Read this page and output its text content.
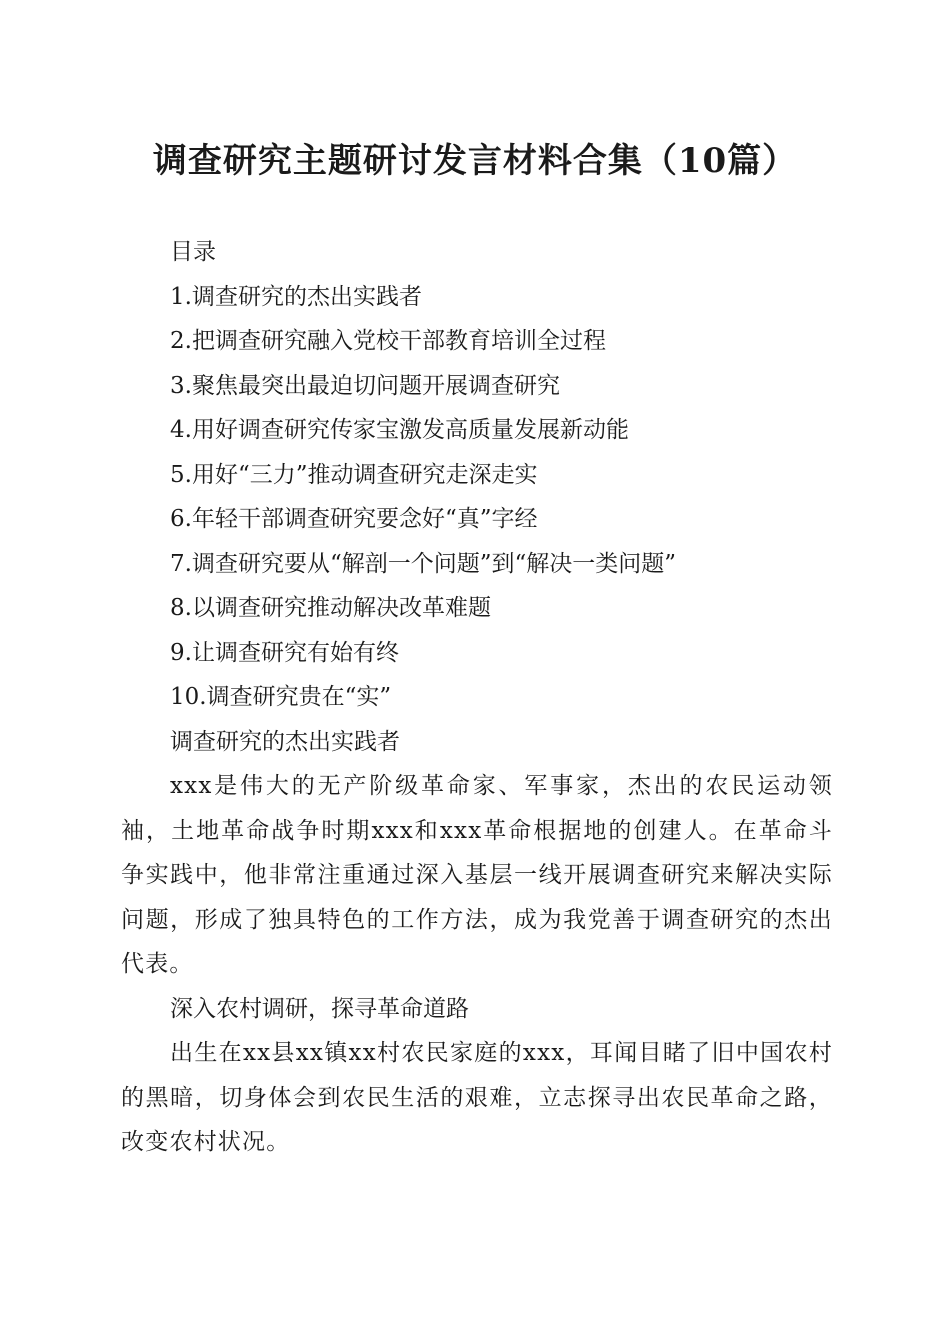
调查研究主题研讨发言材料合集（10篇）
目录
1.调查研究的杰出实践者
2.把调查研究融入党校干部教育培训全过程
3.聚焦最突出最迫切问题开展调查研究
4.用好调查研究传家宝激发高质量发展新动能
5.用好“三力”推动调查研究走深走实
6.年轻干部调查研究要念好“真”字经
7.调查研究要从“解剖一个问题”到“解决一类问题”
8.以调查研究推动解决改革难题
9.让调查研究有始有终
10.调查研究贵在“实”
调查研究的杰出实践者

xxx是伟大的无产阶级革命家、军事家，杰出的农民运动领袖，土地革命战争时期xxx和xxx革命根据地的创建人。在革命斗争实践中，他非常注重通过深入基层一线开展调查研究来解决实际问题，形成了独具特色的工作方法，成为我党善于调查研究的杰出代表。

深入农村调研，探寻革命道路

出生在xx县xx镇xx村农民家庭的xxx，耳闻目睹了旧中国农村的黑暗，切身体会到农民生活的艰难，立志探寻出农民革命之路，改变农村状况。
